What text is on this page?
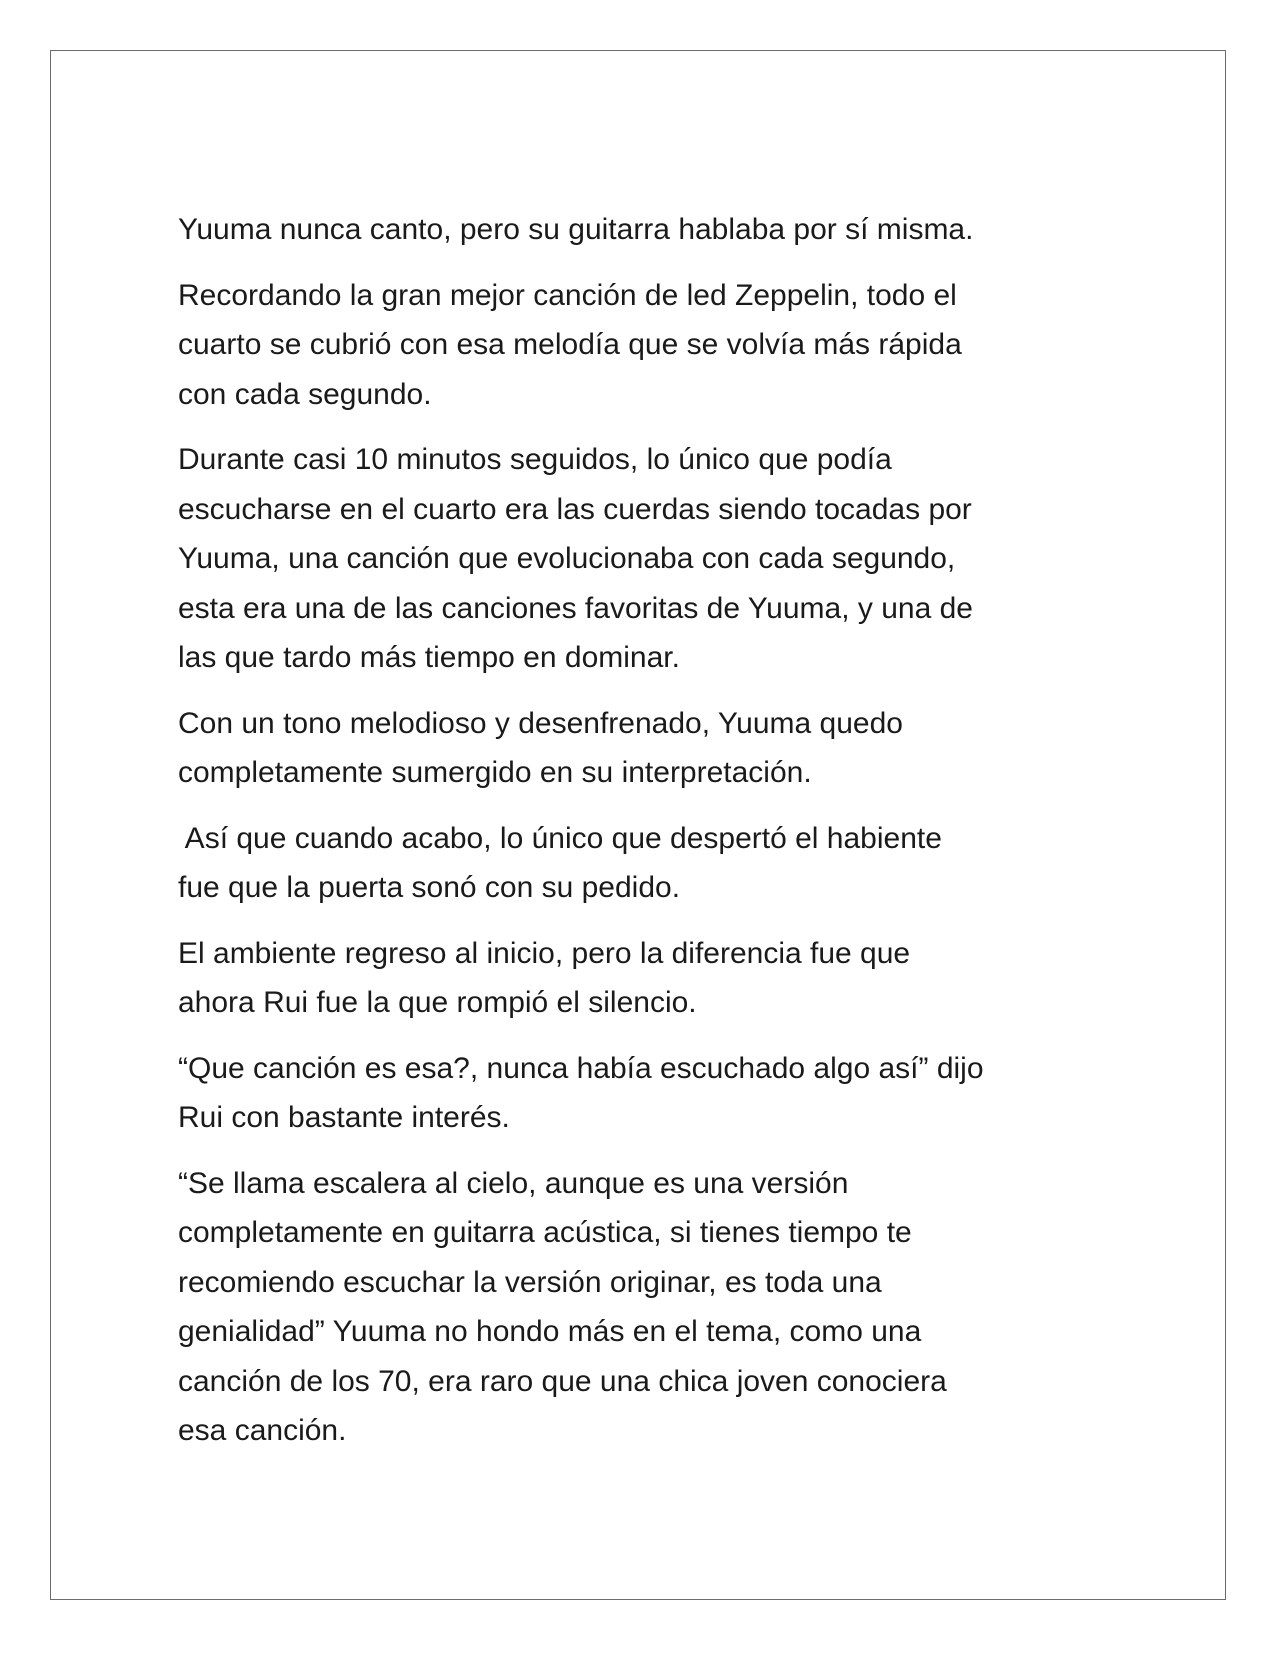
Yuuma nunca canto, pero su guitarra hablaba por sí misma.

Recordando la gran mejor canción de led Zeppelin, todo el
cuarto se cubrió con esa melodía que se volvía más rápida
con cada segundo.

Durante casi 10 minutos seguidos, lo único que podía
escucharse en el cuarto era las cuerdas siendo tocadas por
Yuuma, una canción que evolucionaba con cada segundo,
esta era una de las canciones favoritas de Yuuma, y una de
las que tardo más tiempo en dominar.

Con un tono melodioso y desenfrenado, Yuuma quedo
completamente sumergido en su interpretación.

Así que cuando acabo, lo único que despertó el habiente
fue que la puerta sonó con su pedido.

El ambiente regreso al inicio, pero la diferencia fue que
ahora Rui fue la que rompió el silencio.

“Que canción es esa?, nunca había escuchado algo así” dijo
Rui con bastante interés.

“Se llama escalera al cielo, aunque es una versión
completamente en guitarra acústica, si tienes tiempo te
recomiendo escuchar la versión originar, es toda una
genialidad” Yuuma no hondo más en el tema, como una
canción de los 70, era raro que una chica joven conociera
esa canción.
